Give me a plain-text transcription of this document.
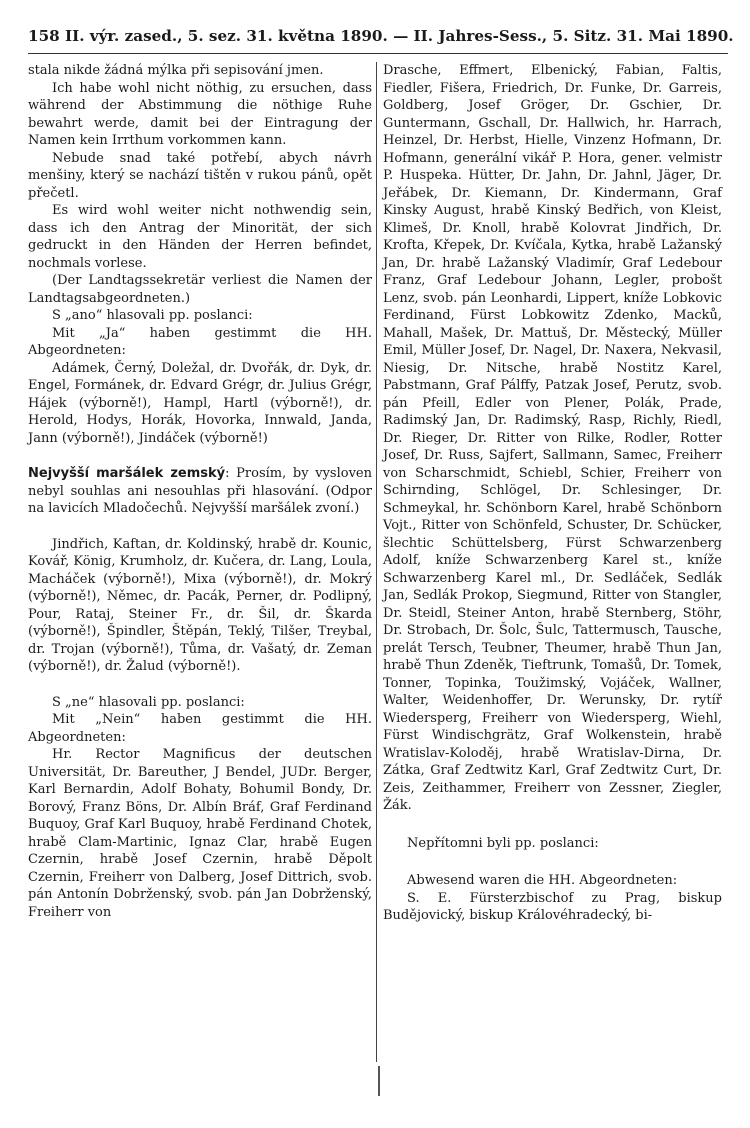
158 II. výr. zased., 5. sez. 31. května 1890. — II. Jahres-Sess., 5. Sitz. 31. Mai 1890.

stala nikde žádná mýlka při sepisování jmen.

Ich habe wohl nicht nöthig, zu ersuchen, dass während der Abstimmung die nöthige Ruhe bewahrt werde, damit bei der Eintragung der Namen kein Irrthum vorkommen kann.

Nebude snad také potřebí, abych návrh menšiny, který se nachází tištěn v rukou pánů, opět přečetl.

Es wird wohl weiter nicht nothwendig sein, dass ich den Antrag der Minorität, der sich gedruckt in den Händen der Herren befindet, nochmals vorlese.

(Der Landtagssekretär verliest die Namen der Landtagsabgeordneten.)

S „ano“ hlasovali pp. poslanci:

Mit „Ja“ haben gestimmt die HH. Abgeordneten:

Adámek, Černý, Doležal, dr. Dvořák, dr. Dyk, dr. Engel, Formánek, dr. Edvard Grégr, dr. Julius Grégr, Hájek (výborně!), Hampl, Hartl (výborně!), dr. Herold, Hodys, Horák, Hovorka, Innwald, Janda, Jann (výborně!), Jindáček (výborně!)

Nejvyšší maršálek zemský: Prosím, by vysloven nebyl souhlas ani nesouhlas při hlasování. (Odpor na lavicích Mladočechů. Nejvyšší maršálek zvoní.)

Jindřich, Kaftan, dr. Koldinský, hrabě dr. Kounic, Kovář, König, Krumholz, dr. Kučera, dr. Lang, Loula, Macháček (výborně!), Mixa (výborně!), dr. Mokrý (výborně!), Němec, dr. Pacák, Perner, dr. Podlipný, Pour, Rataj, Steiner Fr., dr. Šil, dr. Škarda (výborně!), Špindler, Štěpán, Teklý, Tilšer, Treybal, dr. Trojan (výborně!), Tůma, dr. Vašatý, dr. Zeman (výborně!), dr. Žalud (výborně!).

S „ne“ hlasovali pp. poslanci:

Mit „Nein“ haben gestimmt die HH. Abgeordneten:

Hr. Rector Magnificus der deutschen Universität, Dr. Bareuther, J Bendel, JUDr. Berger, Karl Bernardin, Adolf Bohaty, Bohumil Bondy, Dr. Borový, Franz Böns, Dr. Albín Bráf, Graf Ferdinand Buquoy, Graf Karl Buquoy, hrabě Ferdinand Chotek, hrabě Clam-Martinic, Ignaz Clar, hrabě Eugen Czernin, hrabě Josef Czernin, hrabě Děpolt Czernin, Freiherr von Dalberg, Josef Dittrich, svob. pán Antonín Dobrženský, svob. pán Jan Dobrženský, Freiherr von

Drasche, Effmert, Elbenický, Fabian, Faltis, Fiedler, Fišera, Friedrich, Dr. Funke, Dr. Garreis, Goldberg, Josef Gröger, Dr. Gschier, Dr. Guntermann, Gschall, Dr. Hallwich, hr. Harrach, Heinzel, Dr. Herbst, Hielle, Vinzenz Hofmann, Dr. Hofmann, generální vikář P. Hora, gener. velmistr P. Huspeka. Hütter, Dr. Jahn, Dr. Jahnl, Jäger, Dr. Jeřábek, Dr. Kiemann, Dr. Kindermann, Graf Kinsky August, hrabě Kinský Bedřich, von Kleist, Klimeš, Dr. Knoll, hrabě Kolovrat Jindřich, Dr. Krofta, Křepek, Dr. Kvíčala, Kytka, hrabě Lažanský Jan, Dr. hrabě Lažanský Vladimír, Graf Ledebour Franz, Graf Ledebour Johann, Legler, probošt Lenz, svob. pán Leonhardi, Lippert, kníže Lobkovic Ferdinand, Fürst Lobkowitz Zdenko, Macků, Mahall, Mašek, Dr. Mattuš, Dr. Městecký, Müller Emil, Müller Josef, Dr. Nagel, Dr. Naxera, Nekvasil, Niesig, Dr. Nitsche, hrabě Nostitz Karel, Pabstmann, Graf Pálffy, Patzak Josef, Perutz, svob. pán Pfeill, Edler von Plener, Polák, Prade, Radimský Jan, Dr. Radimský, Rasp, Richly, Riedl, Dr. Rieger, Dr. Ritter von Rilke, Rodler, Rotter Josef, Dr. Russ, Sajfert, Sallmann, Samec, Freiherr von Scharschmidt, Schiebl, Schier, Freiherr von Schirnding, Schlögel, Dr. Schlesinger, Dr. Schmeykal, hr. Schönborn Karel, hrabě Schönborn Vojt., Ritter von Schönfeld, Schuster, Dr. Schücker, šlechtic Schüttelsberg, Fürst Schwarzenberg Adolf, kníže Schwarzenberg Karel st., kníže Schwarzenberg Karel ml., Dr. Sedláček, Sedlák Jan, Sedlák Prokop, Siegmund, Ritter von Stangler, Dr. Steidl, Steiner Anton, hrabě Sternberg, Stöhr, Dr. Strobach, Dr. Šolc, Šulc, Tattermusch, Tausche, prelát Tersch, Teubner, Theumer, hrabě Thun Jan, hrabě Thun Zdeněk, Tieftrunk, Tomašů, Dr. Tomek, Tonner, Topinka, Toužimský, Vojáček, Wallner, Walter, Weidenhoffer, Dr. Werunsky, Dr. rytíř Wiedersperg, Freiherr von Wiedersperg, Wiehl, Fürst Windischgrätz, Graf Wolkenstein, hrabě Wratislav-Koloděj, hrabě Wratislav-Dirna, Dr. Zátka, Graf Zedtwitz Karl, Graf Zedtwitz Curt, Dr. Zeis, Zeithammer, Freiherr von Zessner, Ziegler, Žák.

Nepřítomni byli pp. poslanci:

Abwesend waren die HH. Abgeordneten:

S. E. Fürsterzbischof zu Prag, biskup Budějovický, biskup Královéhradecký, bi-
